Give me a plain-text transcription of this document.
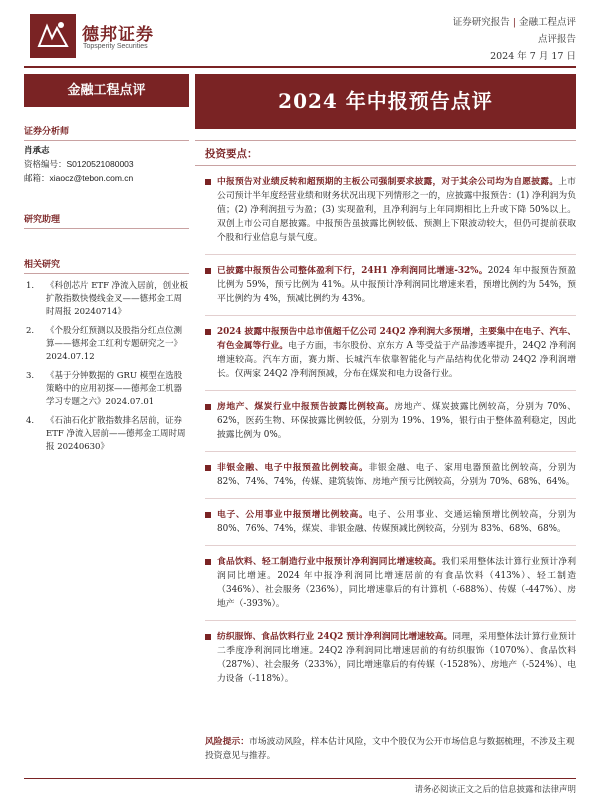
德邦证券
Topsperity Securities
证券研究报告 | 金融工程点评
点评报告
2024 年 7 月 17 日
金融工程点评	2024 年中报预告点评
证券分析师
肖承志
资格编号：S0120521080003
邮箱：xiaocz@tebon.com.cn
研究助理
相关研究
1. 《科创芯片 ETF 净流入居前，创业板扩散指数快慢线金叉——德邦金工周时周报 20240714》
2. 《个股分红预测以及股指分红点位测算——德邦金工红利专题研究之一》2024.07.12
3. 《基于分钟数据的 GRU 模型在选股策略中的应用初探——德邦金工机器学习专题之六》2024.07.01
4. 《石油石化扩散指数排名居前，证券 ETF 净流入居前——德邦金工周时周报 20240630》
投资要点：
中报预告对业绩反转和超预期的主板公司强制要求披露，对于其余公司均为自愿披露。上市公司预计半年度经营业绩和财务状况出现下列情形之一的，应披露中报预告：(1) 净利润为负值；(2) 净利润扭亏为盈；(3) 实现盈利，且净利润与上年同期相比上升或下降 50%以上。双创上市公司自愿披露。中报预告虽披露比例较低、预测上下限波动较大，但仍可提前获取个股和行业信息与景气度。
已披露中报预告公司整体盈利下行，24H1 净利润同比增速-32%。2024 年中报预告预盈比例为 59%，预亏比例为 41%。从中报预计净利润同比增速来看，预增比例约为 54%，预平比例约为 4%，预减比例约为 43%。
2024 披露中报预告中总市值超千亿公司 24Q2 净利润大多预增，主要集中在电子、汽车、有色金属等行业。电子方面，韦尔股份、京东方 A 等受益于产品渗透率提升，24Q2 净利润增速较高。汽车方面，赛力斯、长城汽车依靠智能化与产品结构优化带动 24Q2 净利润增长。仅两家 24Q2 净利润预减，分布在煤炭和电力设备行业。
房地产、煤炭行业中报预告披露比例较高。房地产、煤炭披露比例较高，分别为 70%、62%，医药生物、环保披露比例较低，分别为 19%、19%，银行由于整体盈利稳定，因此披露比例为 0%。
非银金融、电子中报预盈比例较高。非银金融、电子、家用电器预盈比例较高，分别为 82%、74%、74%，传媒、建筑装饰、房地产预亏比例较高，分别为 70%、68%、64%。
电子、公用事业中报预增比例较高。电子、公用事业、交通运输预增比例较高，分别为 80%、76%、74%，煤炭、非银金融、传媒预减比例较高，分别为 83%、68%、68%。
食品饮料、轻工制造行业中报预计净利润同比增速较高。我们采用整体法计算行业预计净利润同比增速。2024 年中报净利润同比增速居前的有食品饮料（413%）、轻工制造（346%）、社会服务（236%），同比增速靠后的有计算机（-688%）、传媒（-447%）、房地产（-393%）。
纺织服饰、食品饮料行业 24Q2 预计净利润同比增速较高。同理，采用整体法计算行业预计二季度净利润同比增速。24Q2 净利润同比增速居前的有纺织服饰（1070%）、食品饮料（287%）、社会服务（233%），同比增速靠后的有传媒（-1528%）、房地产（-524%）、电力设备（-118%）。
风险提示：市场波动风险，样本估计风险，文中个股仅为公开市场信息与数据梳理，不涉及主观投资意见与推荐。
请务必阅读正文之后的信息披露和法律声明
